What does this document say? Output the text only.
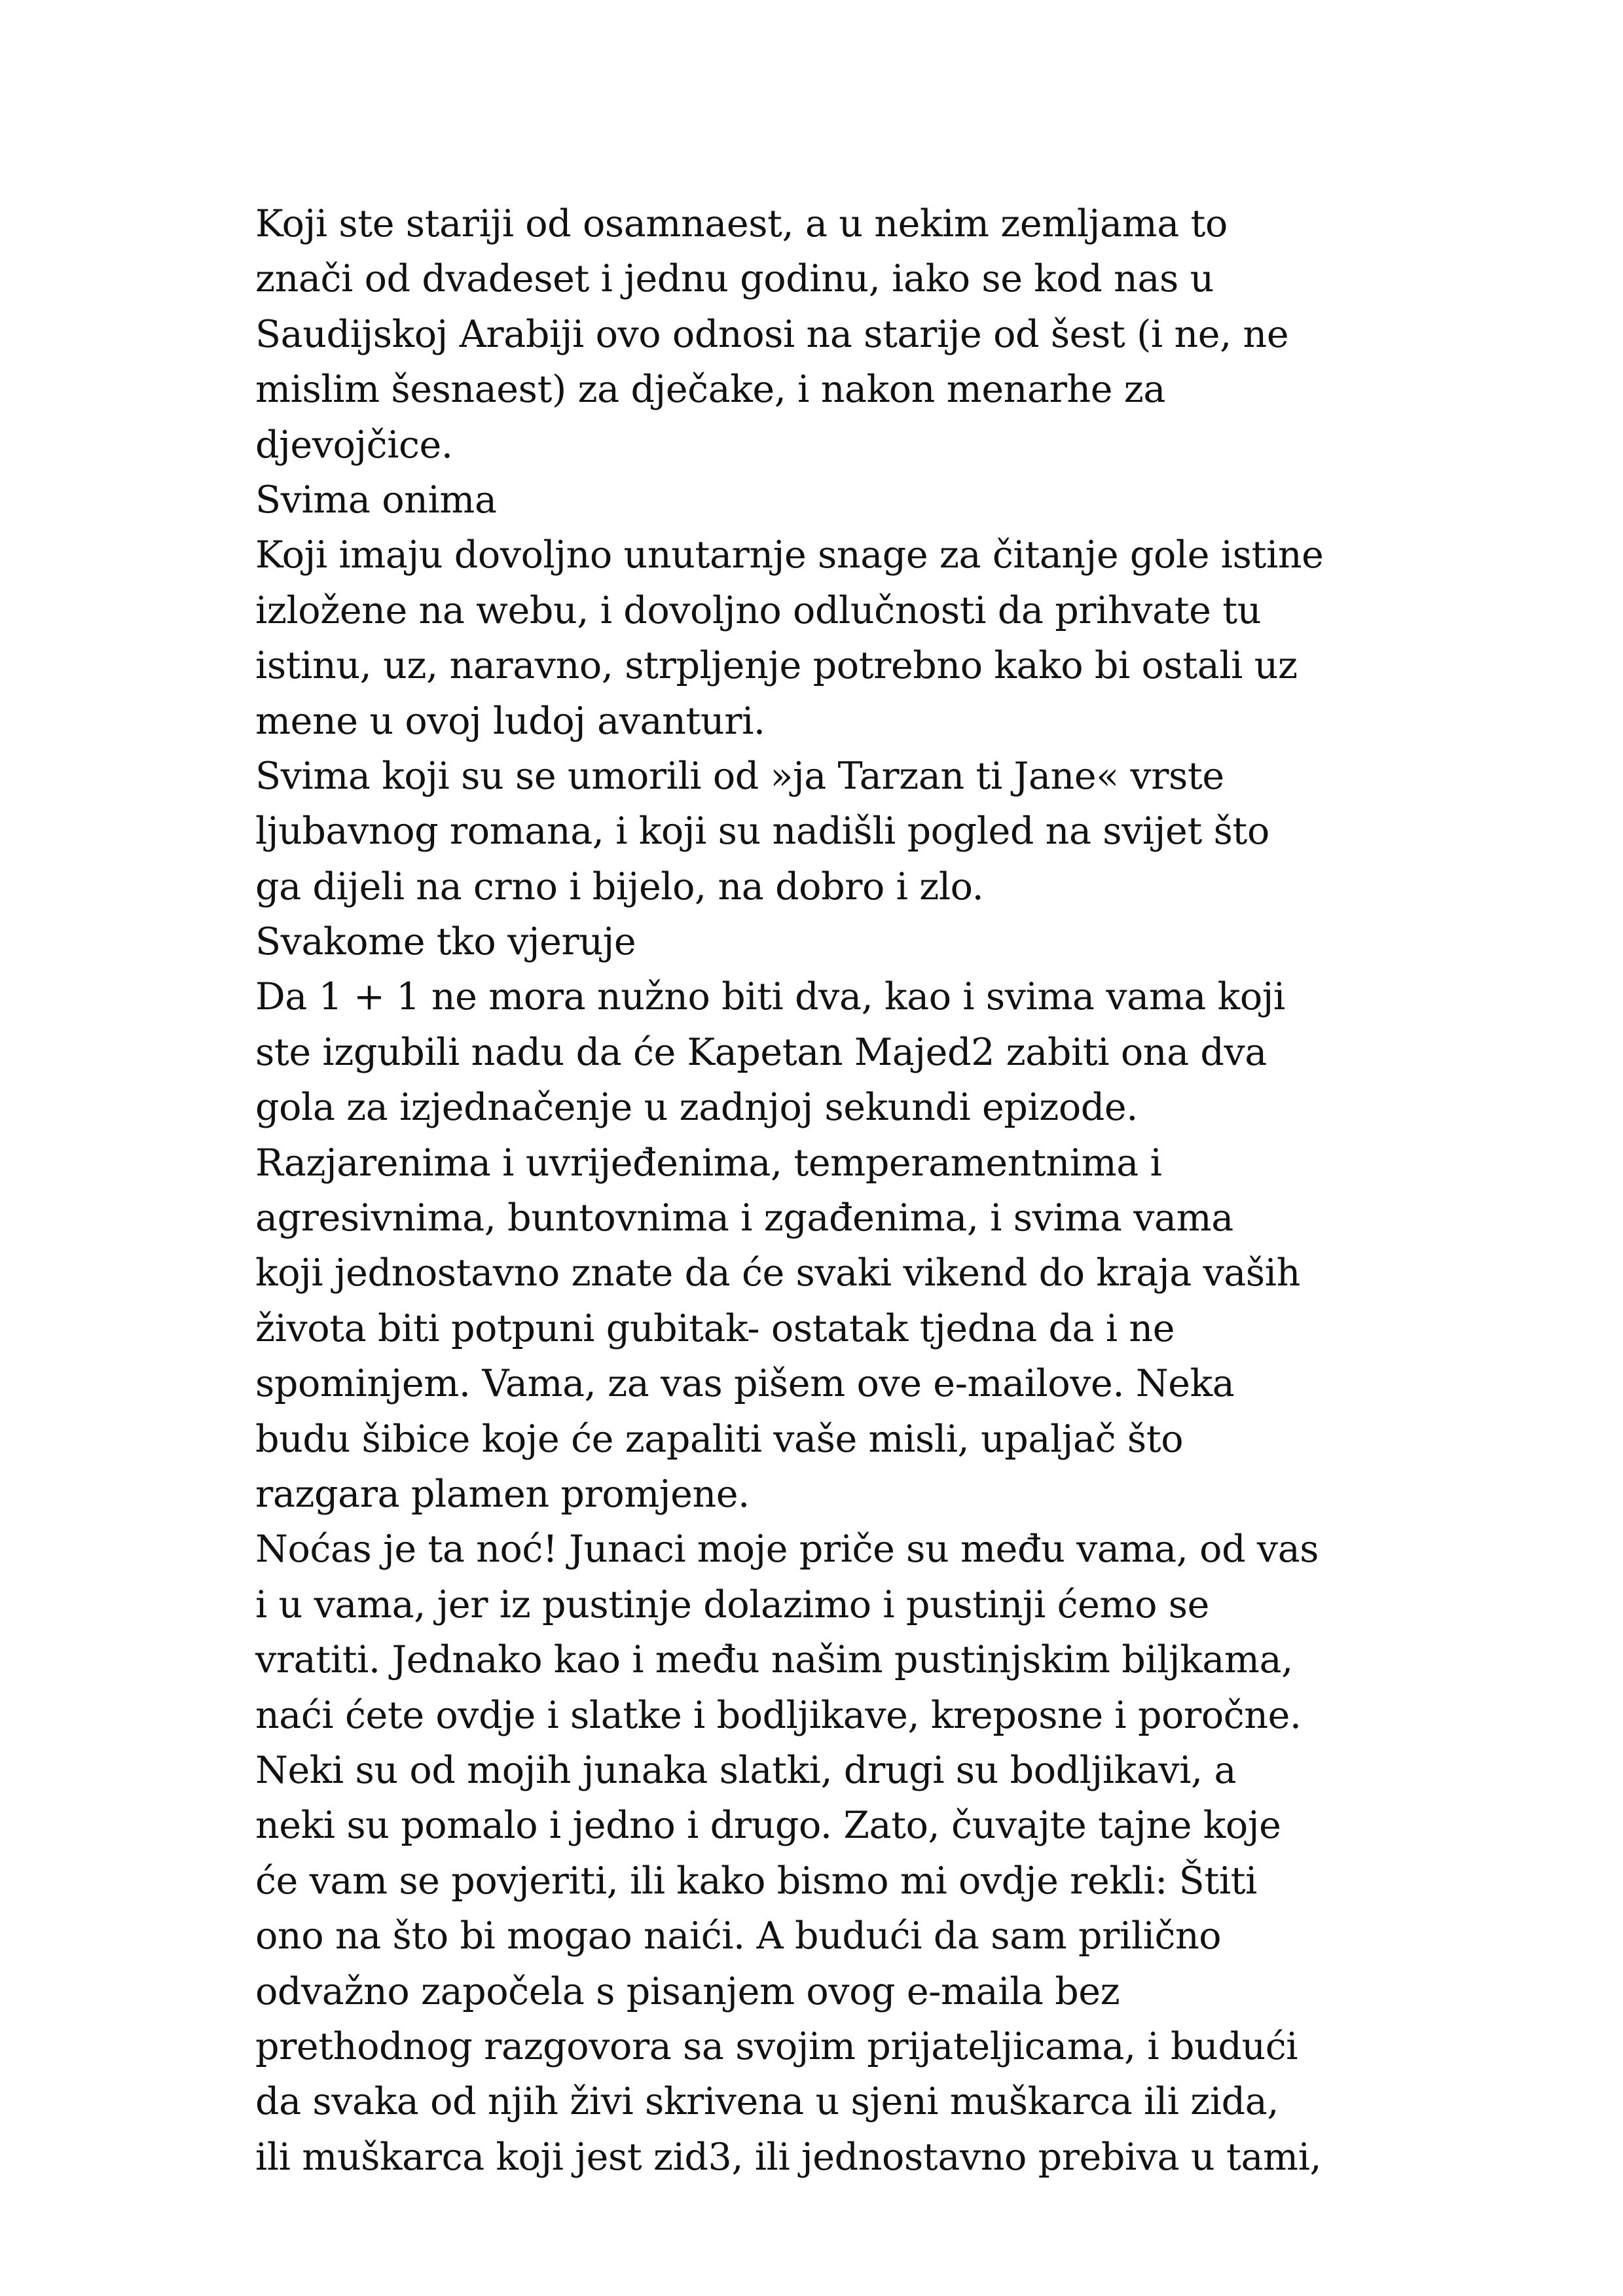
Koji ste stariji od osamnaest, a u nekim zemljama to
znači od dvadeset i jednu godinu, iako se kod nas u
Saudijskoj Arabiji ovo odnosi na starije od šest (i ne, ne
mislim šesnaest) za dječake, i nakon menarhe za
djevojčice.
Svima onima
Koji imaju dovoljno unutarnje snage za čitanje gole istine
izložene na webu, i dovoljno odlučnosti da prihvate tu
istinu, uz, naravno, strpljenje potrebno kako bi ostali uz
mene u ovoj ludoj avanturi.
Svima koji su se umorili od »ja Tarzan ti Jane« vrste
ljubavnog romana, i koji su nadišli pogled na svijet što
ga dijeli na crno i bijelo, na dobro i zlo.
Svakome tko vjeruje
Da 1 + 1 ne mora nužno biti dva, kao i svima vama koji
ste izgubili nadu da će Kapetan Majed2 zabiti ona dva
gola za izjednačenje u zadnjoj sekundi epizode.
Razjarenima i uvrijeđenima, temperamentnima i
agresivnima, buntovnima i zgađenima, i svima vama
koji jednostavno znate da će svaki vikend do kraja vaših
života biti potpuni gubitak- ostatak tjedna da i ne
spominjem. Vama, za vas pišem ove e-mailove. Neka
budu šibice koje će zapaliti vaše misli, upaljač što
razgara plamen promjene.
Noćas je ta noć! Junaci moje priče su među vama, od vas
i u vama, jer iz pustinje dolazimo i pustinji ćemo se
vratiti. Jednako kao i među našim pustinjskim biljkama,
naći ćete ovdje i slatke i bodljikave, kreposne i poročne.
Neki su od mojih junaka slatki, drugi su bodljikavi, a
neki su pomalo i jedno i drugo. Zato, čuvajte tajne koje
će vam se povjeriti, ili kako bismo mi ovdje rekli: Štiti
ono na što bi mogao naići. A budući da sam prilično
odvažno započela s pisanjem ovog e-maila bez
prethodnog razgovora sa svojim prijateljicama, i budući
da svaka od njih živi skrivena u sjeni muškarca ili zida,
ili muškarca koji jest zid3, ili jednostavno prebiva u tami,
